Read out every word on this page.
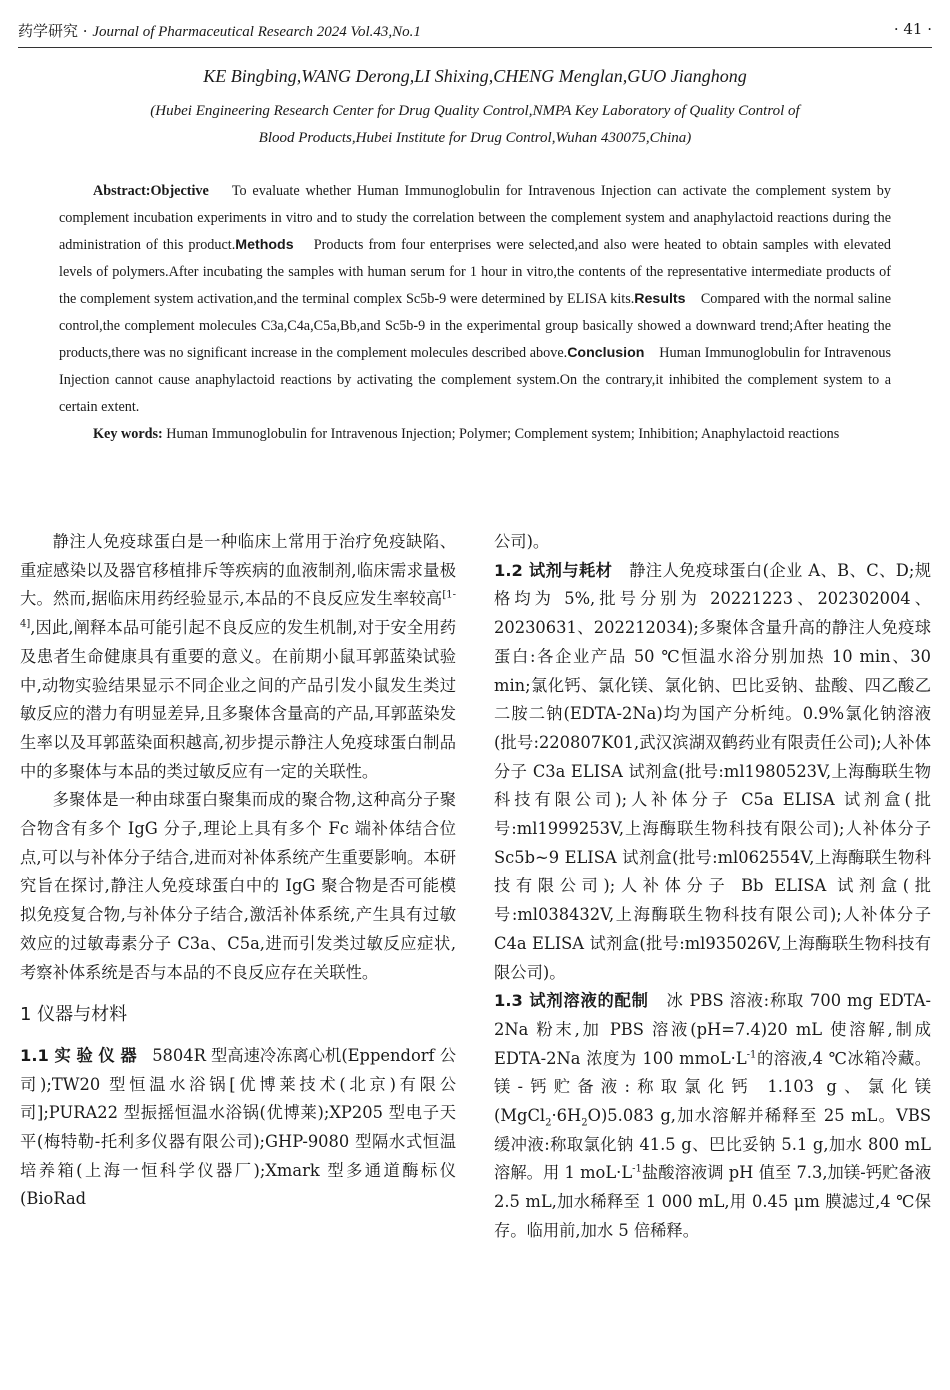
药学研究 · Journal of Pharmaceutical Research 2024 Vol.43,No.1	· 41 ·
KE Bingbing,WANG Derong,LI Shixing,CHENG Menglan,GUO Jianghong
(Hubei Engineering Research Center for Drug Quality Control,NMPA Key Laboratory of Quality Control of
Blood Products,Hubei Institute for Drug Control,Wuhan 430075,China)

Abstract:Objective To evaluate whether Human Immunoglobulin for Intravenous Injection can activate the complement system by complement incubation experiments in vitro and to study the correlation between the complement system and anaphylactoid reactions during the administration of this product.Methods Products from four enterprises were selected,and also were heated to obtain samples with elevated levels of polymers.After incubating the samples with human serum for 1 hour in vitro,the contents of the representative intermediate products of the complement system activation,and the terminal complex Sc5b-9 were determined by ELISA kits.Results Compared with the normal saline control,the complement molecules C3a,C4a,C5a,Bb,and Sc5b-9 in the experimental group basically showed a downward trend;After heating the products,there was no significant increase in the complement molecules described above.Conclusion Human Immunoglobulin for Intravenous Injection cannot cause anaphylactoid reactions by activating the complement system.On the contrary,it inhibited the complement system to a certain extent.

Key words: Human Immunoglobulin for Intravenous Injection; Polymer; Complement system; Inhibition; Anaphylactoid reactions

静注人免疫球蛋白是一种临床上常用于治疗免疫缺陷、重症感染以及器官移植排斥等疾病的血液制剂,临床需求量极大。然而,据临床用药经验显示,本品的不良反应发生率较高[1-4],因此,阐释本品可能引起不良反应的发生机制,对于安全用药及患者生命健康具有重要的意义。在前期小鼠耳郭蓝染试验中,动物实验结果显示不同企业之间的产品引发小鼠发生类过敏反应的潜力有明显差异,且多聚体含量高的产品,耳郭蓝染发生率以及耳郭蓝染面积越高,初步提示静注人免疫球蛋白制品中的多聚体与本品的类过敏反应有一定的关联性。

多聚体是一种由球蛋白聚集而成的聚合物,这种高分子聚合物含有多个 IgG 分子,理论上具有多个 Fc 端补体结合位点,可以与补体分子结合,进而对补体系统产生重要影响。本研究旨在探讨,静注人免疫球蛋白中的 IgG 聚合物是否可能模拟免疫复合物,与补体分子结合,激活补体系统,产生具有过敏效应的过敏毒素分子 C3a、C5a,进而引发类过敏反应症状,考察补体系统是否与本品的不良反应存在关联性。

1 仪器与材料

1.1 实 验 仪 器 5804R 型高速冷冻离心机(Eppendorf 公司);TW20 型恒温水浴锅[优博莱技术(北京)有限公司];PURA22 型振摇恒温水浴锅(优博莱);XP205 型电子天平(梅特勒-托利多仪器有限公司);GHP-9080 型隔水式恒温培养箱(上海一恒科学仪器厂);Xmark 型多通道酶标仪(BioRad

公司)。

1.2 试剂与耗材 静注人免疫球蛋白(企业 A、B、C、D;规格均为 5%,批号分别为 20221223、202302004、20230631、202212034);多聚体含量升高的静注人免疫球蛋白:各企业产品 50 ℃恒温水浴分别加热 10 min、30 min;氯化钙、氯化镁、氯化钠、巴比妥钠、盐酸、四乙酸乙二胺二钠(EDTA-2Na)均为国产分析纯。0.9%氯化钠溶液(批号:220807K01,武汉滨湖双鹤药业有限责任公司);人补体分子 C3a ELISA 试剂盒(批号:ml1980523V,上海酶联生物科技有限公司);人补体分子 C5a ELISA 试剂盒(批号:ml1999253V,上海酶联生物科技有限公司);人补体分子 Sc5b~9 ELISA 试剂盒(批号:ml062554V,上海酶联生物科技有限公司);人补体分子 Bb ELISA 试剂盒(批号:ml038432V,上海酶联生物科技有限公司);人补体分子 C4a ELISA 试剂盒(批号:ml935026V,上海酶联生物科技有限公司)。

1.3 试剂溶液的配制 冰 PBS 溶液:称取 700 mg EDTA-2Na 粉末,加 PBS 溶液(pH=7.4)20 mL 使溶解,制成 EDTA-2Na 浓度为 100 $mmoL\cdot L^{-1}$的溶液,4 ℃冰箱冷藏。镁-钙贮备液:称取氯化钙 1.103 g、氯化镁$(MgCl_2\cdot 6H_2O)5.083$ g,加水溶解并稀释至 25 mL。VBS 缓冲液:称取氯化钠 41.5 g、巴比妥钠 5.1 g,加水 800 mL 溶解。用 1 $moL\cdot L^{-1}$盐酸溶液调 pH 值至 7.3,加镁-钙贮备液 2.5 mL,加水稀释至 1 000 mL,用 0.45 μm 膜滤过,4 ℃保存。临用前,加水 5 倍稀释。
